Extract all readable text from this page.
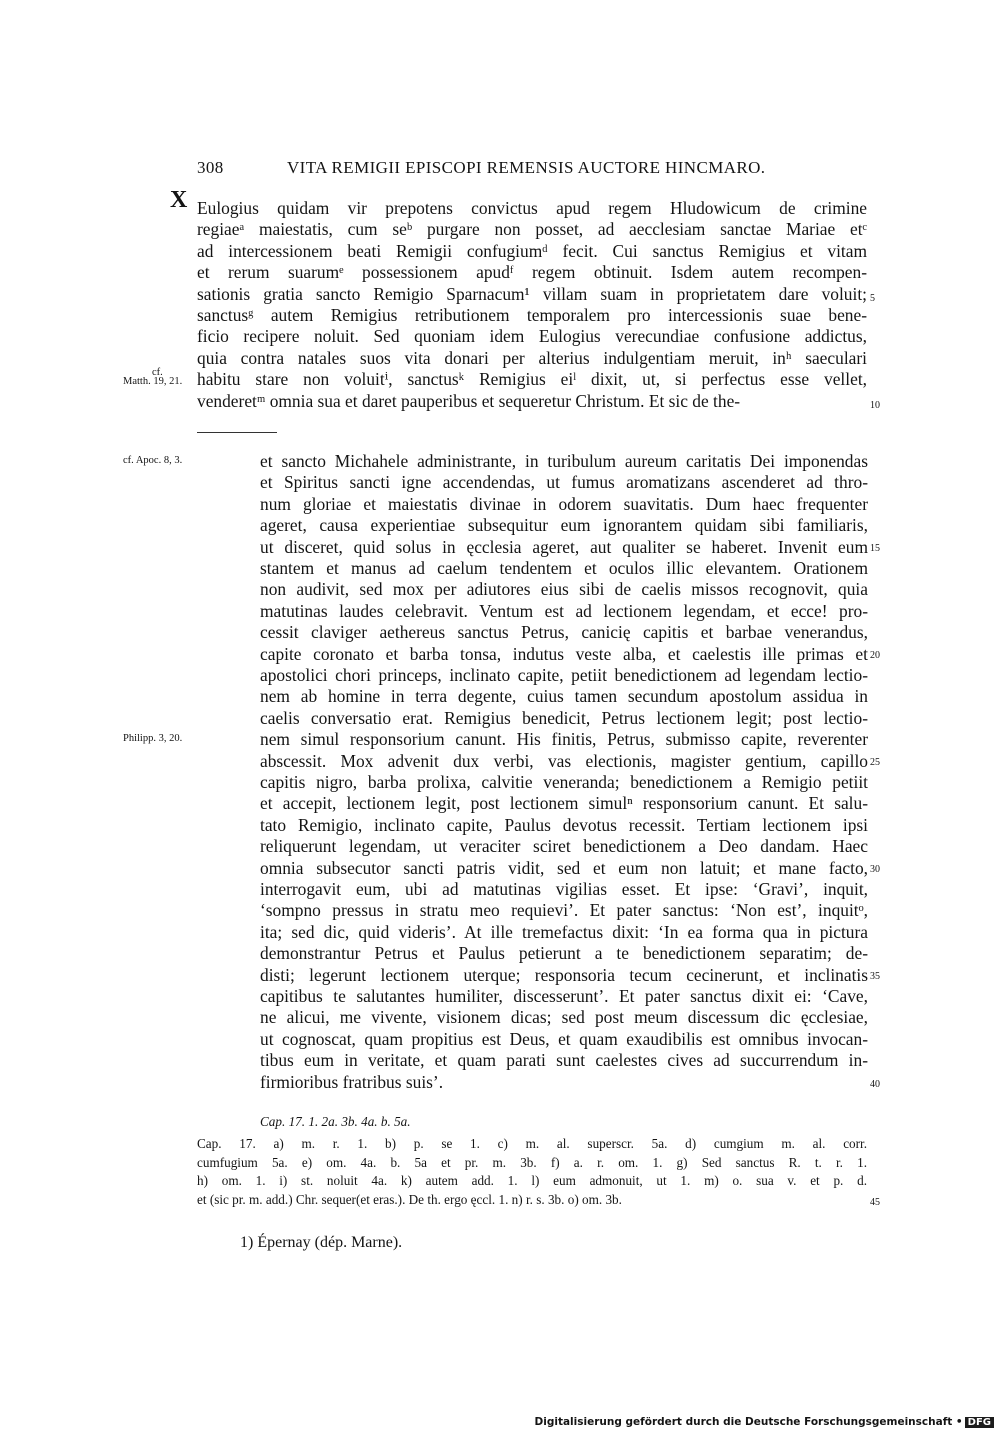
308	VITA REMIGII EPISCOPI REMENSIS AUCTORE HINCMARO.
X Eulogius quidam vir prepotens convictus apud regem Hludowicum de crimine
regiaeᵃ maiestatis, cum seᵇ purgare non posset, ad aecclesiam sanctae Mariae etᶜ
ad intercessionem beati Remigii confugiumᵈ fecit. Cui sanctus Remigius et vitam
et rerum suarumᵉ possessionem apudᶠ regem obtinuit. Isdem autem recompen-
sationis gratia sancto Remigio Sparnacum¹ villam suam in proprietatem dare voluit;
sanctusᵍ autem Remigius retributionem temporalem pro intercessionis suae bene-
ficio recipere noluit. Sed quoniam idem Eulogius verecundiae confusione addictus,
quia contra natales suos vita donari per alterius indulgentiam meruit, inʰ saeculari
habitu stare non voluitⁱ, sanctusᵏ Remigius eiˡ dixit, ut, si perfectus esse vellet,
venderetᵐ omnia sua et daret pauperibus et sequeretur Christum. Et sic de the-
cf.
Matth. 19, 21.
5
10
et sancto Michahele administrante, in turibulum aureum caritatis Dei imponendas
et Spiritus sancti igne accendendas, ut fumus aromatizans ascenderet ad thro-
num gloriae et maiestatis divinae in odorem suavitatis. Dum haec frequenter
ageret, causa experientiae subsequitur eum ignorantem quidam sibi familiaris,
ut disceret, quid solus in ęcclesia ageret, aut qualiter se haberet. Invenit eum
stantem et manus ad caelum tendentem et oculos illic elevantem. Orationem
non audivit, sed mox per adiutores eius sibi de caelis missos recognovit, quia
matutinas laudes celebravit. Ventum est ad lectionem legendam, et ecce! pro-
cessit claviger aethereus sanctus Petrus, canicię capitis et barbae venerandus,
capite coronato et barba tonsa, indutus veste alba, et caelestis ille primas et
apostolici chori princeps, inclinato capite, petiit benedictionem ad legendam lectio-
nem ab homine in terra degente, cuius tamen secundum apostolum assidua in
caelis conversatio erat. Remigius benedicit, Petrus lectionem legit; post lectio-
nem simul responsorium canunt. His finitis, Petrus, submisso capite, reverenter
abscessit. Mox advenit dux verbi, vas electionis, magister gentium, capillo
capitis nigro, barba prolixa, calvitie veneranda; benedictionem a Remigio petiit
et accepit, lectionem legit, post lectionem simulⁿ responsorium canunt. Et salu-
tato Remigio, inclinato capite, Paulus devotus recessit. Tertiam lectionem ipsi
reliquerunt legendam, ut veraciter sciret benedictionem a Deo dandam. Haec
omnia subsecutor sancti patris vidit, sed et eum non latuit; et mane facto,
interrogavit eum, ubi ad matutinas vigilias esset. Et ipse: ‘Gravi’, inquit,
‘sompno pressus in stratu meo requievi’. Et pater sanctus: ‘Non est’, inquitᵒ,
ita; sed dic, quid videris’. At ille tremefactus dixit: ‘In ea forma qua in pictura
demonstrantur Petrus et Paulus petierunt a te benedictionem separatim; de-
disti; legerunt lectionem uterque; responsoria tecum cecinerunt, et inclinatis
capitibus te salutantes humiliter, discesserunt’. Et pater sanctus dixit ei: ‘Cave,
ne alicui, me vivente, visionem dicas; sed post meum discessum dic ęcclesiae,
ut cognoscat, quam propitius est Deus, et quam exaudibilis est omnibus invocan-
tibus eum in veritate, et quam parati sunt caelestes cives ad succurrendum in-
firmioribus fratribus suis’.
cf. Apoc. 8, 3.
Philipp. 3, 20.
15
20
25
30
35
40
Cap. 17. 1. 2a. 3b. 4a. b. 5a.
Cap. 17. a) m. r. 1. b) p. se 1. c) m. al. superscr. 5a. d) cumgium m. al. corr.
cumfugium 5a. e) om. 4a. b. 5a et pr. m. 3b. f) a. r. om. 1. g) Sed sanctus R. t. r. 1.
h) om. 1. i) st. noluit 4a. k) autem add. 1. l) eum admonuit, ut 1. m) o. sua v. et p. d.
et (sic pr. m. add.) Chr. sequer(et eras.). De th. ergo ęccl. 1. n) r. s. 3b. o) om. 3b.	45
1) Épernay (dép. Marne).
Digitalisierung gefördert durch die Deutsche Forschungsgemeinschaft • DFG
